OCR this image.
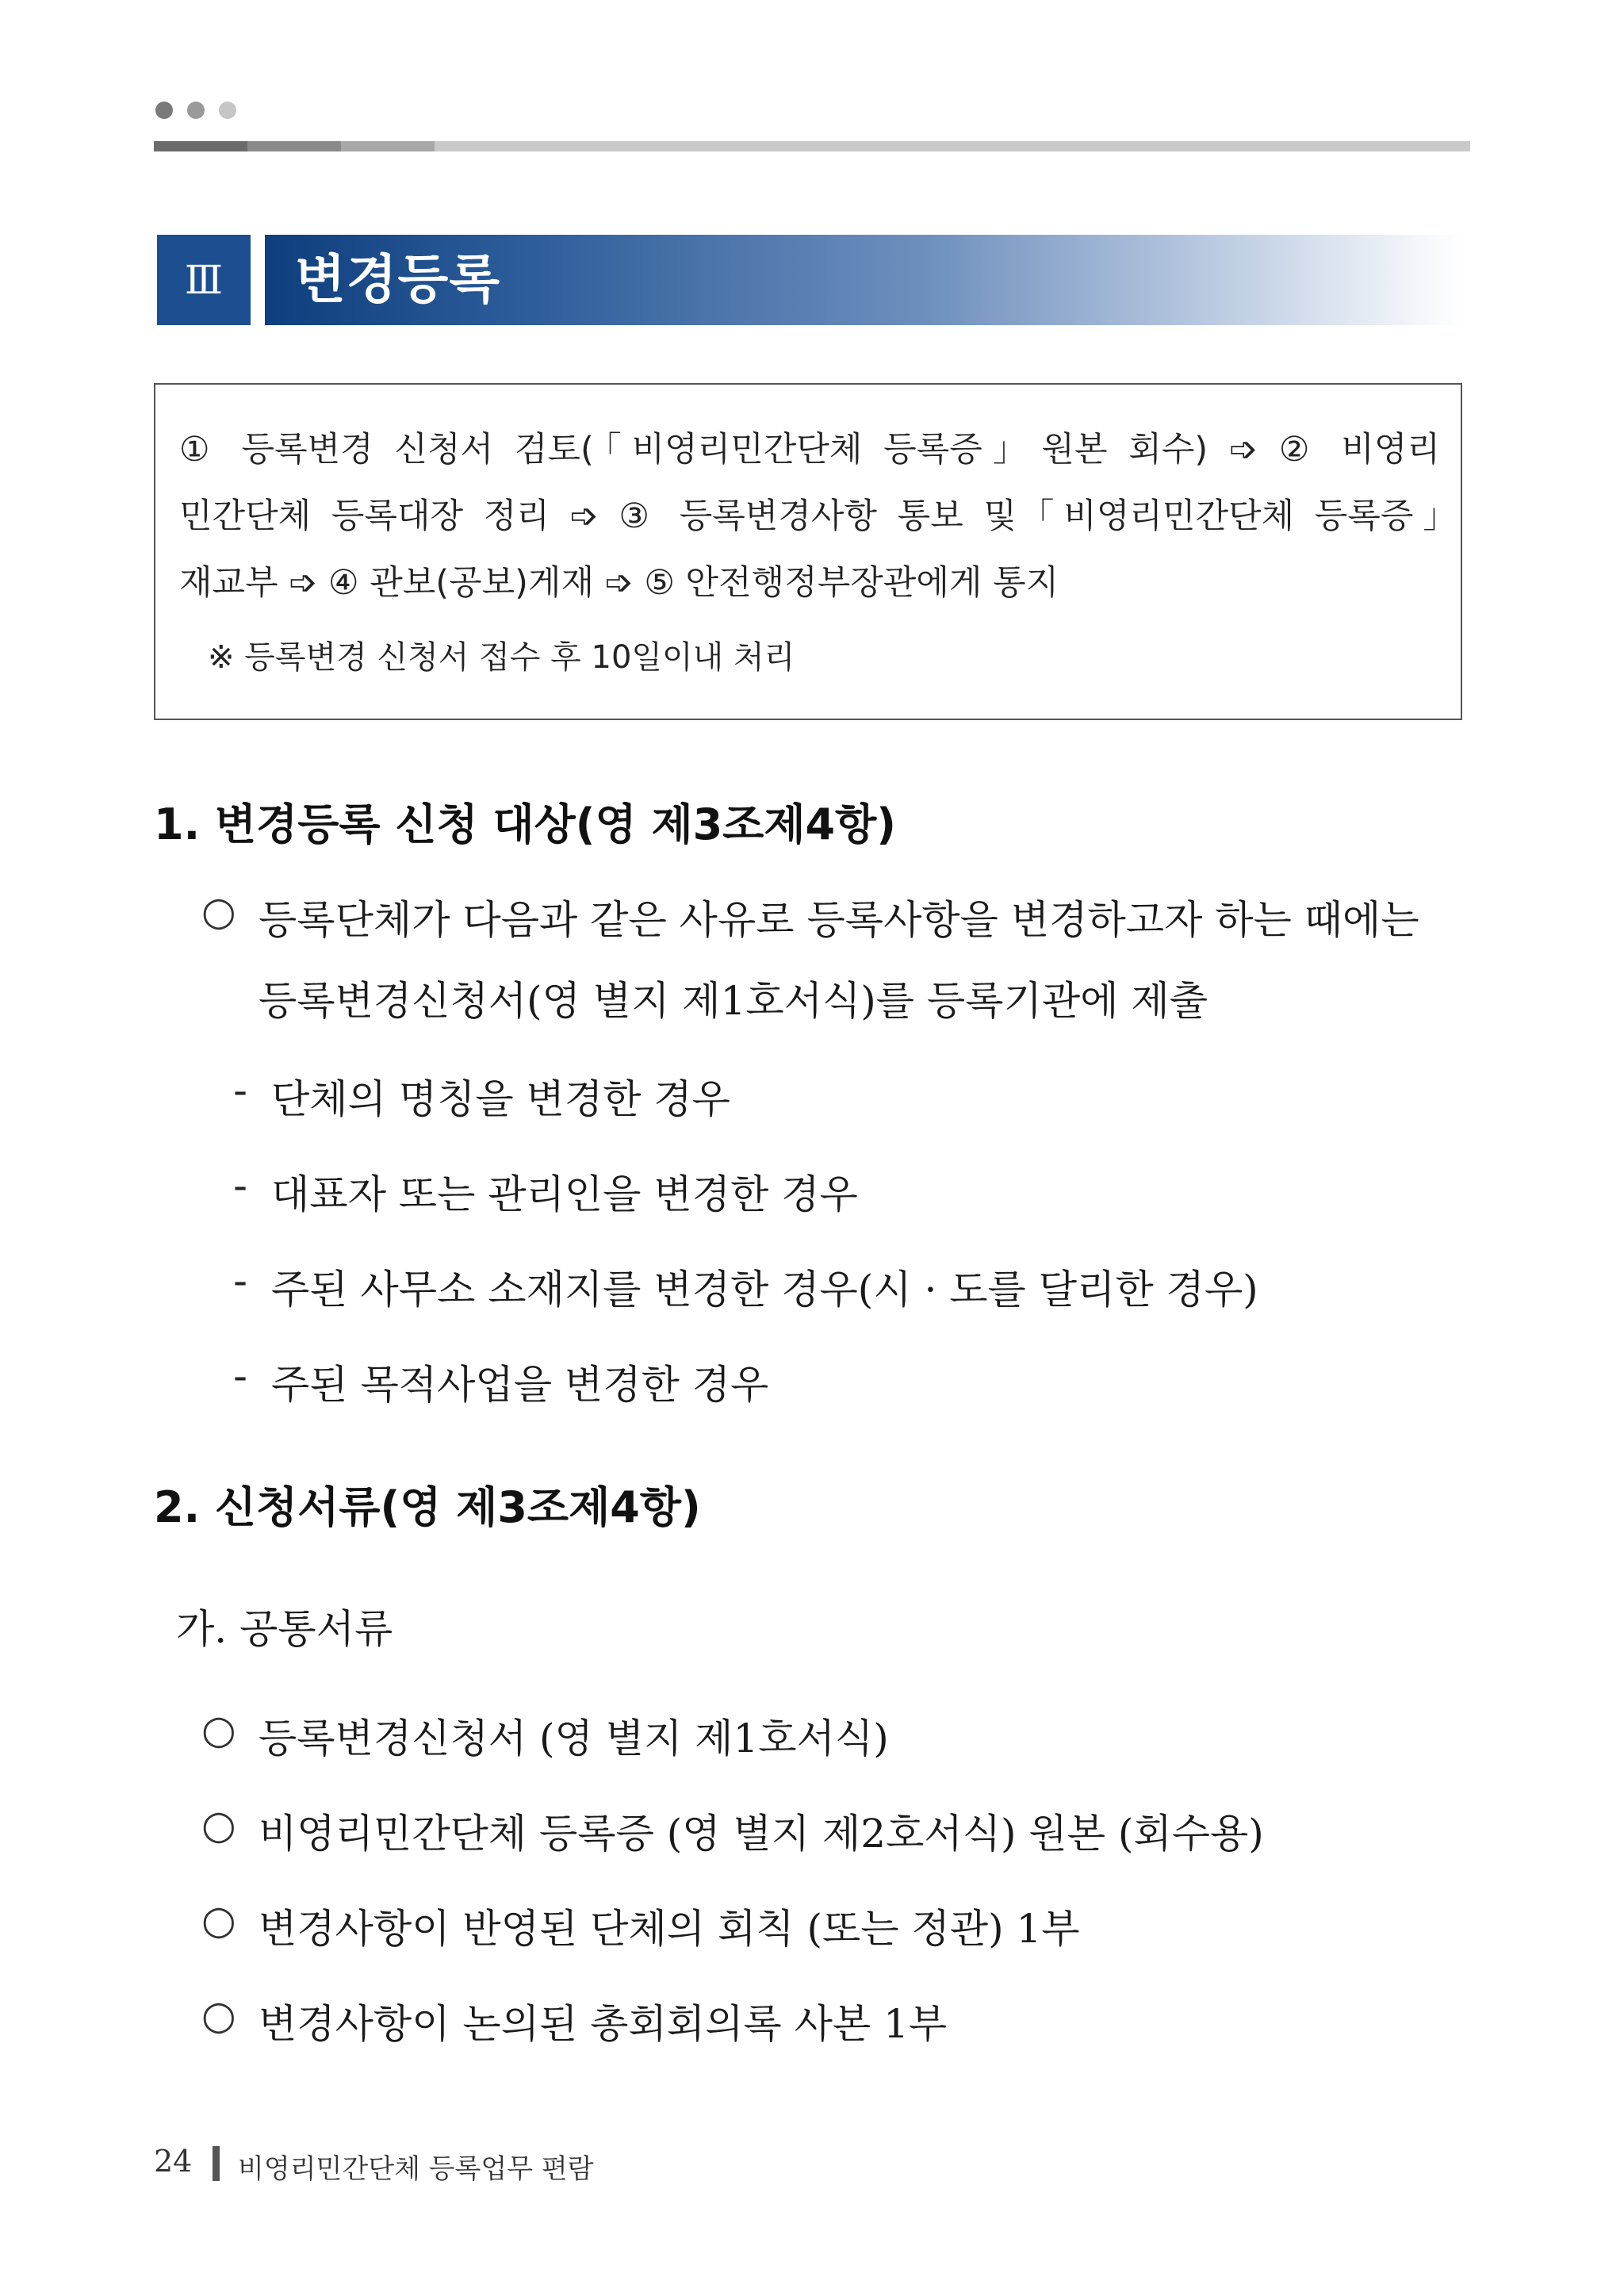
Ⅲ	변경등록
① 등록변경 신청서 검토(｢비영리민간단체 등록증｣ 원본 회수) ➩ ② 비영리
민간단체 등록대장 정리 ➩ ③ 등록변경사항 통보 및 ｢비영리민간단체 등록증｣
재교부 ➩ ④ 관보(공보)게재 ➩ ⑤ 안전행정부장관에게 통지
※ 등록변경 신청서 접수 후 10일이내 처리
1. 변경등록 신청 대상(영 제3조제4항)
○ 등록단체가 다음과 같은 사유로 등록사항을 변경하고자 하는 때에는
등록변경신청서(영 별지 제1호서식)를 등록기관에 제출
- 단체의 명칭을 변경한 경우
- 대표자 또는 관리인을 변경한 경우
- 주된 사무소 소재지를 변경한 경우(시 · 도를 달리한 경우)
- 주된 목적사업을 변경한 경우
2. 신청서류(영 제3조제4항)
가. 공통서류
○ 등록변경신청서 (영 별지 제1호서식)
○ 비영리민간단체 등록증 (영 별지 제2호서식) 원본 (회수용)
○ 변경사항이 반영된 단체의 회칙 (또는 정관) 1부
○ 변경사항이 논의된 총회회의록 사본 1부
24 비영리민간단체 등록업무 편람
